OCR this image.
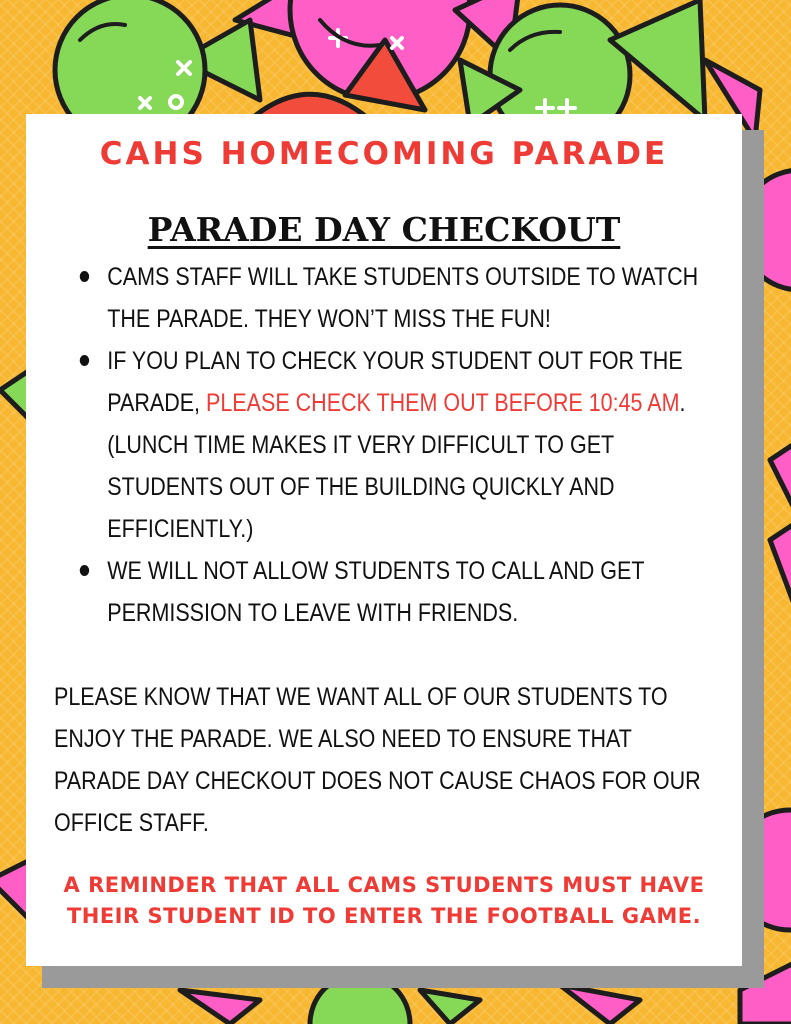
CAHS HOMECOMING PARADE
PARADE DAY CHECKOUT
CAMS STAFF WILL TAKE STUDENTS OUTSIDE TO WATCH THE PARADE. THEY WON’T MISS THE FUN!
IF YOU PLAN TO CHECK YOUR STUDENT OUT FOR THE PARADE, PLEASE CHECK THEM OUT BEFORE 10:45 AM. (LUNCH TIME MAKES IT VERY DIFFICULT TO GET STUDENTS OUT OF THE BUILDING QUICKLY AND EFFICIENTLY.)
WE WILL NOT ALLOW STUDENTS TO CALL AND GET PERMISSION TO LEAVE WITH FRIENDS.

PLEASE KNOW THAT WE WANT ALL OF OUR STUDENTS TO ENJOY THE PARADE. WE ALSO NEED TO ENSURE THAT PARADE DAY CHECKOUT DOES NOT CAUSE CHAOS FOR OUR OFFICE STAFF.

A REMINDER THAT ALL CAMS STUDENTS MUST HAVE THEIR STUDENT ID TO ENTER THE FOOTBALL GAME.
